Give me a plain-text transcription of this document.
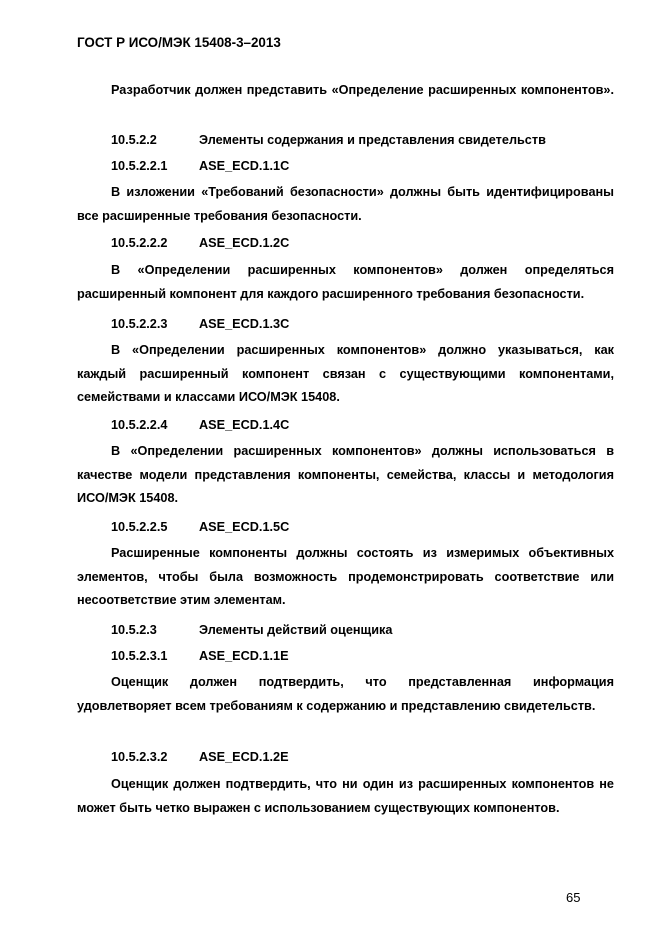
ГОСТ Р ИСО/МЭК 15408-3–2013
Разработчик должен представить «Определение расширенных компонентов».
10.5.2.2	Элементы содержания и представления свидетельств
10.5.2.2.1 ASE_ECD.1.1C
В изложении «Требований безопасности» должны быть идентифицированы все расширенные требования безопасности.
10.5.2.2.2 ASE_ECD.1.2C
В «Определении расширенных компонентов» должен определяться расширенный компонент для каждого расширенного требования безопасности.
10.5.2.2.3 ASE_ECD.1.3C
В «Определении расширенных компонентов» должно указываться, как каждый расширенный компонент связан с существующими компонентами, семействами и классами ИСО/МЭК 15408.
10.5.2.2.4 ASE_ECD.1.4C
В «Определении расширенных компонентов» должны использоваться в качестве модели представления компоненты, семейства, классы и методология ИСО/МЭК 15408.
10.5.2.2.5 ASE_ECD.1.5C
Расширенные компоненты должны состоять из измеримых объективных элементов, чтобы была возможность продемонстрировать соответствие или несоответствие этим элементам.
10.5.2.3	Элементы действий оценщика
10.5.2.3.1 ASE_ECD.1.1E
Оценщик должен подтвердить, что представленная информация удовлетворяет всем требованиям к содержанию и представлению свидетельств.
10.5.2.3.2 ASE_ECD.1.2E
Оценщик должен подтвердить, что ни один из расширенных компонентов не может быть четко выражен с использованием существующих компонентов.
65
